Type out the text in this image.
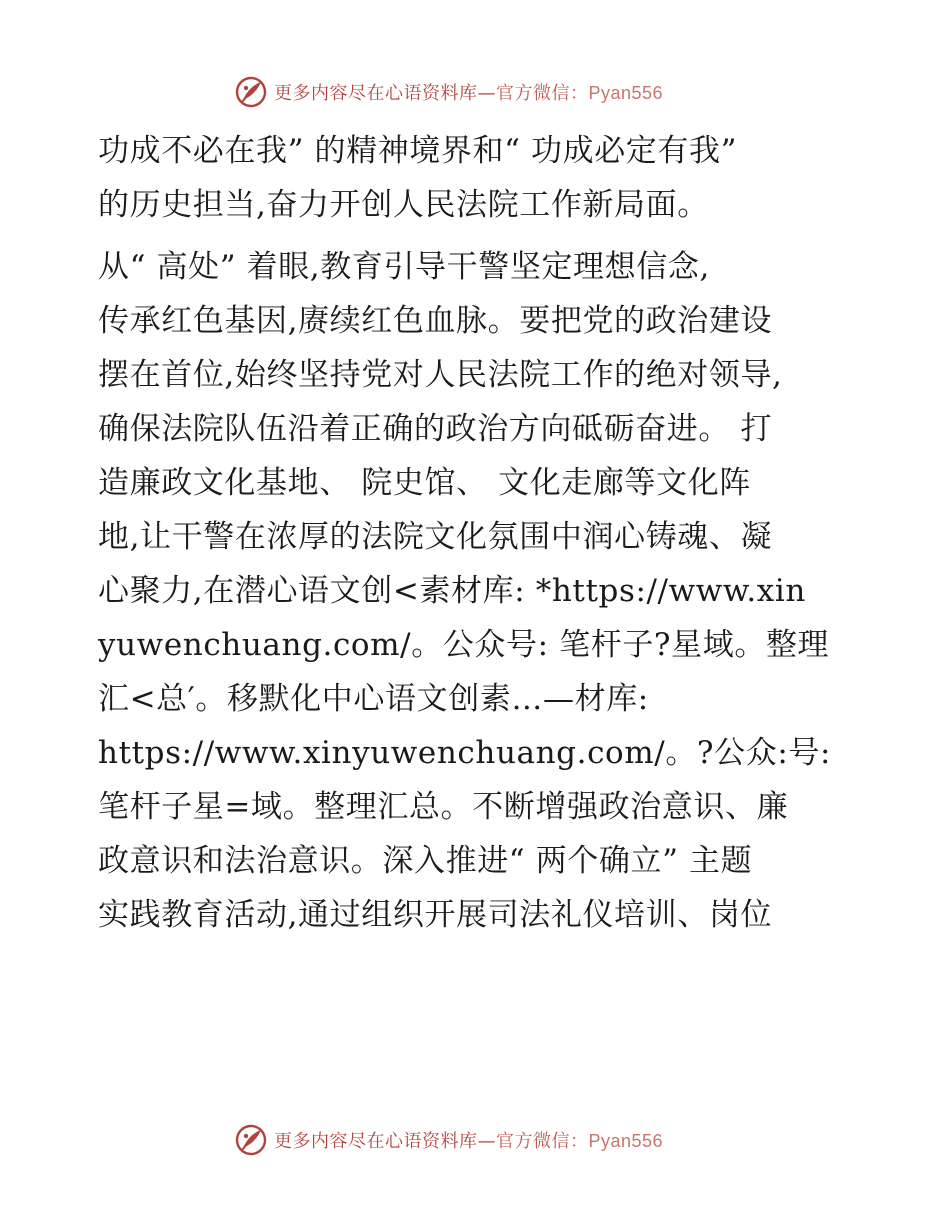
更多内容尽在心语资料库—官方微信：Pyan556
功成不必在我” 的精神境界和“ 功成必定有我”
的历史担当,奋力开创人民法院工作新局面。
从“ 高处” 着眼,教育引导干警坚定理想信念,
传承红色基因,赓续红色血脉。要把党的政治建设
摆在首位,始终坚持党对人民法院工作的绝对领导,
确保法院队伍沿着正确的政治方向砥砺奋进。 打
造廉政文化基地、 院史馆、 文化走廊等文化阵
地,让干警在浓厚的法院文化氛围中润心铸魂、凝
心聚力,在潜心语文创<素材库: *https://www.xin
yuwenchuang.com/。公众号: 笔杆子?星域。整理
汇<总′。移默化中心语文创素…—材库:
https://www.xinyuwenchuang.com/。?公众:号:
笔杆子星=域。整理汇总。不断增强政治意识、廉
政意识和法治意识。深入推进“ 两个确立” 主题
实践教育活动,通过组织开展司法礼仪培训、岗位
更多内容尽在心语资料库—官方微信：Pyan556
